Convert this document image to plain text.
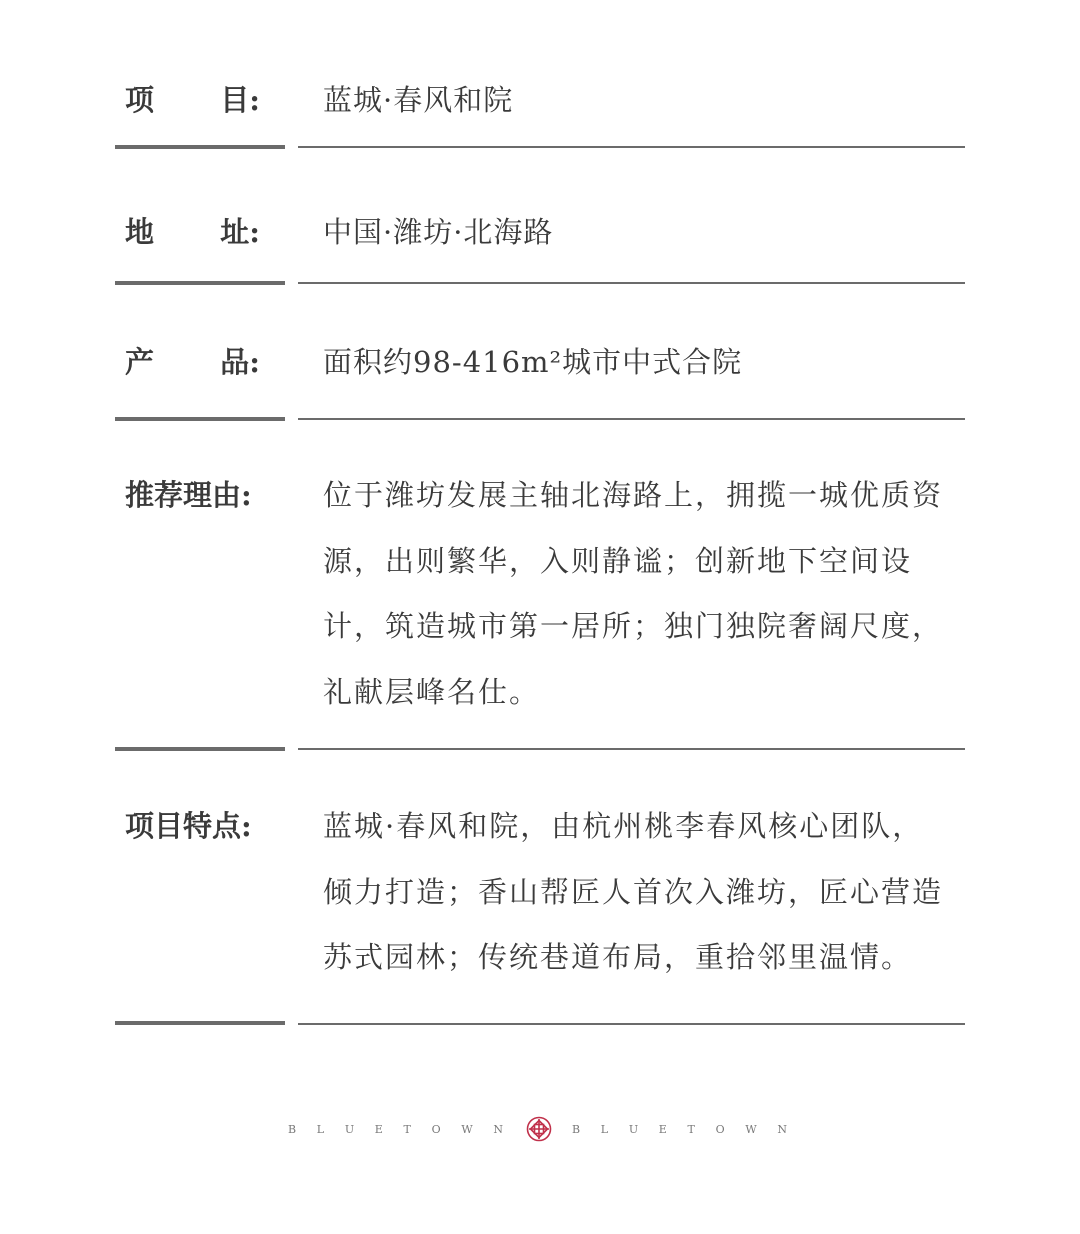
项 目: 蓝城·春风和院
地 址: 中国·潍坊·北海路
产 品: 面积约98-416m²城市中式合院
推荐理由: 位于潍坊发展主轴北海路上，拥揽一城优质资源，出则繁华，入则静谧；创新地下空间设计，筑造城市第一居所；独门独院奢阔尺度，礼献层峰名仕。
项目特点: 蓝城·春风和院，由杭州桃李春风核心团队，倾力打造；香山帮匠人首次入潍坊，匠心营造苏式园林；传统巷道布局，重拾邻里温情。
B L U E T O W N	B L U E T O W N
